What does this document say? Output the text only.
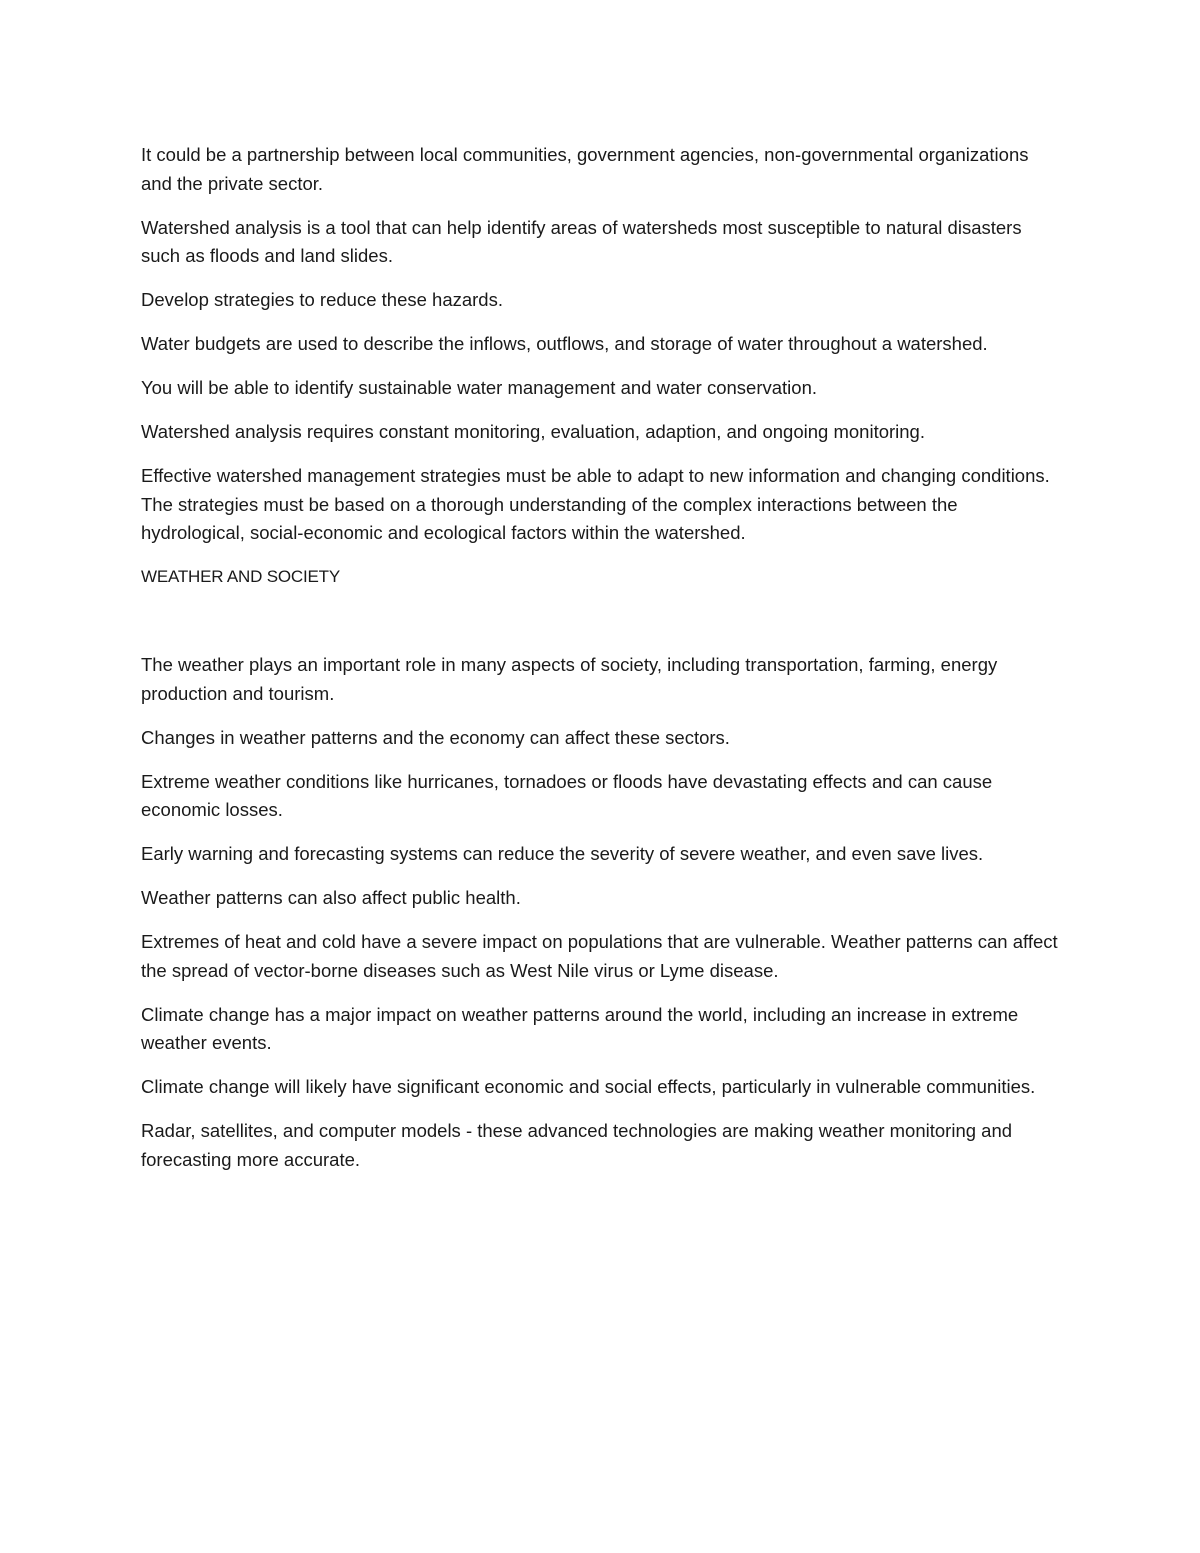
It could be a partnership between local communities, government agencies, non-governmental organizations and the private sector.

Watershed analysis is a tool that can help identify areas of watersheds most susceptible to natural disasters such as floods and land slides.

Develop strategies to reduce these hazards.

Water budgets are used to describe the inflows, outflows, and storage of water throughout a watershed.

You will be able to identify sustainable water management and water conservation.

Watershed analysis requires constant monitoring, evaluation, adaption, and ongoing monitoring.

Effective watershed management strategies must be able to adapt to new information and changing conditions. The strategies must be based on a thorough understanding of the complex interactions between the hydrological, social-economic and ecological factors within the watershed.

WEATHER AND SOCIETY

The weather plays an important role in many aspects of society, including transportation, farming, energy production and tourism.

Changes in weather patterns and the economy can affect these sectors.

Extreme weather conditions like hurricanes, tornadoes or floods have devastating effects and can cause economic losses.

Early warning and forecasting systems can reduce the severity of severe weather, and even save lives.

Weather patterns can also affect public health.

Extremes of heat and cold have a severe impact on populations that are vulnerable. Weather patterns can affect the spread of vector-borne diseases such as West Nile virus or Lyme disease.

Climate change has a major impact on weather patterns around the world, including an increase in extreme weather events.

Climate change will likely have significant economic and social effects, particularly in vulnerable communities.

Radar, satellites, and computer models - these advanced technologies are making weather monitoring and forecasting more accurate.
